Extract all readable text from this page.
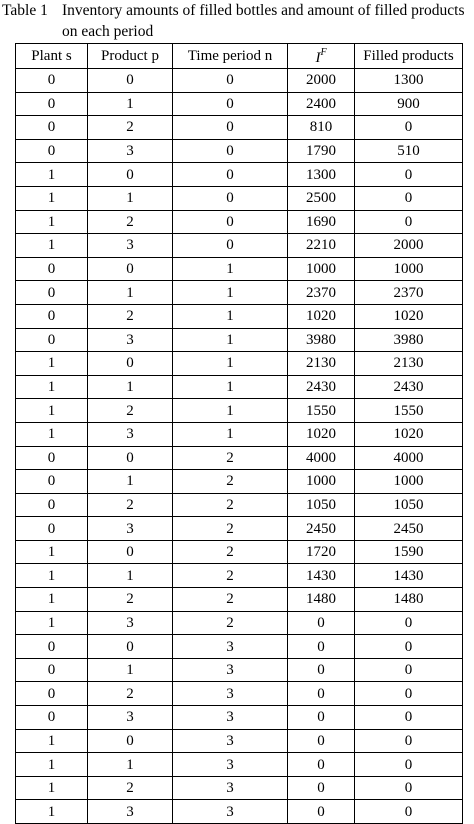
Table 1 Inventory amounts of filled bottles and amount of filled products on each period
Plant s	Product p	Time period n	$I^F$	Filled products
0	0	0	2000	1300
0	1	0	2400	900
0	2	0	810	0
0	3	0	1790	510
1	0	0	1300	0
1	1	0	2500	0
1	2	0	1690	0
1	3	0	2210	2000
0	0	1	1000	1000
0	1	1	2370	2370
0	2	1	1020	1020
0	3	1	3980	3980
1	0	1	2130	2130
1	1	1	2430	2430
1	2	1	1550	1550
1	3	1	1020	1020
0	0	2	4000	4000
0	1	2	1000	1000
0	2	2	1050	1050
0	3	2	2450	2450
1	0	2	1720	1590
1	1	2	1430	1430
1	2	2	1480	1480
1	3	2	0	0
0	0	3	0	0
0	1	3	0	0
0	2	3	0	0
0	3	3	0	0
1	0	3	0	0
1	1	3	0	0
1	2	3	0	0
1	3	3	0	0
